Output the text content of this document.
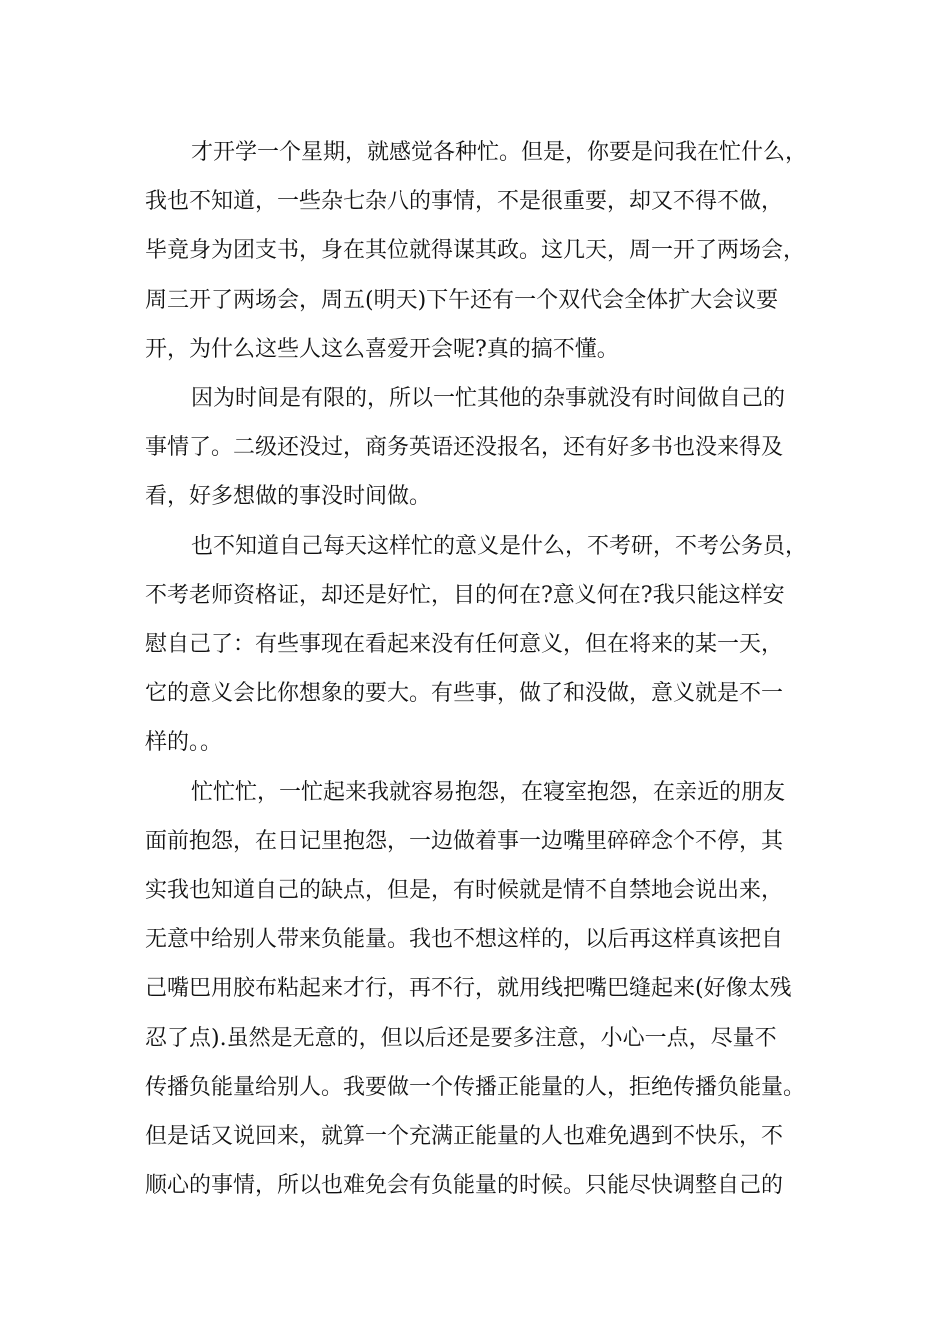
才开学一个星期，就感觉各种忙。但是，你要是问我在忙什么，
我也不知道，一些杂七杂八的事情，不是很重要，却又不得不做，
毕竟身为团支书，身在其位就得谋其政。这几天，周一开了两场会，
周三开了两场会，周五(明天)下午还有一个双代会全体扩大会议要
开，为什么这些人这么喜爱开会呢?真的搞不懂。

因为时间是有限的，所以一忙其他的杂事就没有时间做自己的
事情了。二级还没过，商务英语还没报名，还有好多书也没来得及
看，好多想做的事没时间做。

也不知道自己每天这样忙的意义是什么，不考研，不考公务员，
不考老师资格证，却还是好忙，目的何在?意义何在?我只能这样安
慰自己了：有些事现在看起来没有任何意义，但在将来的某一天，
它的意义会比你想象的要大。有些事，做了和没做，意义就是不一
样的。。

忙忙忙，一忙起来我就容易抱怨，在寝室抱怨，在亲近的朋友
面前抱怨，在日记里抱怨，一边做着事一边嘴里碎碎念个不停，其
实我也知道自己的缺点，但是，有时候就是情不自禁地会说出来，
无意中给别人带来负能量。我也不想这样的，以后再这样真该把自
己嘴巴用胶布粘起来才行，再不行，就用线把嘴巴缝起来(好像太残
忍了点).虽然是无意的，但以后还是要多注意，小心一点，尽量不
传播负能量给别人。我要做一个传播正能量的人，拒绝传播负能量。
但是话又说回来，就算一个充满正能量的人也难免遇到不快乐，不
顺心的事情，所以也难免会有负能量的时候。只能尽快调整自己的
